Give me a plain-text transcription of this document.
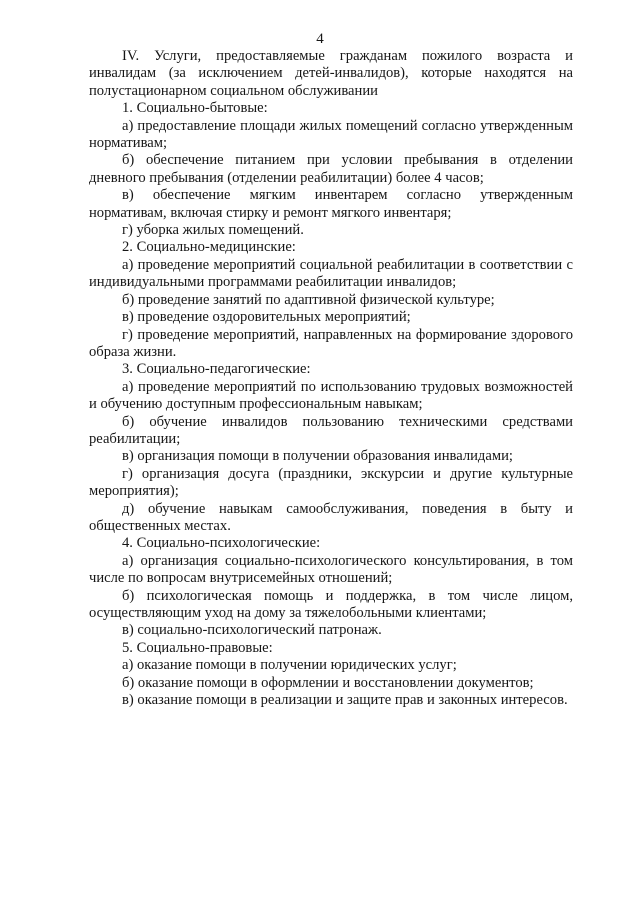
4

IV. Услуги, предоставляемые гражданам пожилого возраста и инвалидам (за исключением детей-инвалидов), которые находятся на полустационарном социальном обслуживании

1. Социально-бытовые:

а) предоставление площади жилых помещений согласно утвержденным нормативам;

б) обеспечение питанием при условии пребывания в отделении дневного пребывания (отделении реабилитации) более 4 часов;

в) обеспечение мягким инвентарем согласно утвержденным нормативам, включая стирку и ремонт мягкого инвентаря;

г) уборка жилых помещений.

2. Социально-медицинские:

а) проведение мероприятий социальной реабилитации в соответствии с индивидуальными программами реабилитации инвалидов;

б) проведение занятий по адаптивной физической культуре;

в) проведение оздоровительных мероприятий;

г) проведение мероприятий, направленных на формирование здорового образа жизни.

3. Социально-педагогические:

а) проведение мероприятий по использованию трудовых возможностей и обучению доступным профессиональным навыкам;

б) обучение инвалидов пользованию техническими средствами реабилитации;

в) организация помощи в получении образования инвалидами;

г) организация досуга (праздники, экскурсии и другие культурные мероприятия);

д) обучение навыкам самообслуживания, поведения в быту и общественных местах.

4. Социально-психологические:

а) организация социально-психологического консультирования, в том числе по вопросам внутрисемейных отношений;

б) психологическая помощь и поддержка, в том числе лицом, осуществляющим уход на дому за тяжелобольными клиентами;

в) социально-психологический патронаж.

5. Социально-правовые:

а) оказание помощи в получении юридических услуг;

б) оказание помощи в оформлении и восстановлении документов;

в) оказание помощи в реализации и защите прав и законных интересов.
